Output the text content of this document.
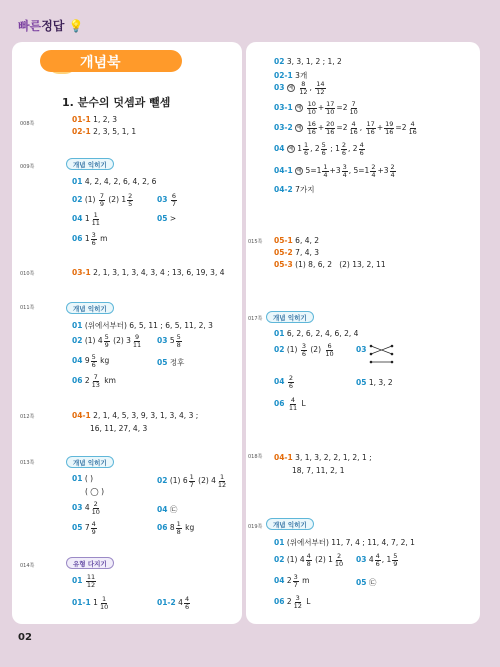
빠른정답 💡
개념북
1. 분수의 덧셈과 뺄셈
008쪽
009쪽
010쪽
011쪽
012쪽
013쪽
014쪽
01-1 1, 2, 3
02-1 2, 3, 5, 1, 1
개념 익히기
01 4, 2, 4, 2, 6, 4, 2, 6
02 $(1) \frac{7}{9} (2)$ $1 \frac{2}{5}$	$03 \frac{6}{7}$
04 $1 \frac{1}{11}$	05 >
06 $1 \frac{3}{6}$ m
03-1 2, 1, 3, 1, 3, 4, 3, 4 ; 13, 6, 19, 3, 4
개념 익히기
01 (위에서부터) 6, 5, 11 ; 6, 5, 11, 2, 3
02 (1) $4 \frac{5}{9} (2)$ $3 \frac{9}{11} 03$ $5 \frac{5}{8}$
04 $9 \frac{5}{6}$ kg	05 정후
06 $2 \frac{7}{13}$ km
04-1 2, 1, 4, 5, 3, 9, 3, 1, 3, 4, 3 ;
16, 11, 27, 4, 3
개념 익히기
01 ( )
( ◯ )
02 (1) $6 \frac{1}{7} (2)$ $4 \frac{1}{12}$
03 $4 \frac{2}{10}$	04 ㉢
05 $7 \frac{4}{9}$	06 $8 \frac{1}{8}$ kg
유형 다지기
$01 \frac{11}{12}$
01-1 $1 \frac{1}{10}$	01-2 $4 \frac{4}{6}$
02
015쪽
017쪽
018쪽
019쪽
02 3, 3, 1, 2 ; 1, 2
02-1 3개
03 예 $\frac{8}{12}$ , $\frac{14}{12}$
03-1 예 $\frac{10}{10} + \frac{17}{10} =2 \frac{7}{10}$
03-2 예 $\frac{16}{16} + \frac{20}{16} =2 \frac{4}{16}$ , $\frac{17}{16} + \frac{19}{16} =2 \frac{4}{16}$
04 예 $1 \frac{1}{6}$ , $2 \frac{5}{6}$ ; $1 \frac{2}{6}$ , $2 \frac{4}{6}$
04-1 예 $5=1 \frac{1}{4} +3 \frac{3}{4}$ , $5=1 \frac{2}{4} +3 \frac{2}{4}$
04-2 7가지
05-1 6, 4, 2
05-2 7, 4, 3
05-3 (1) 8, 6, 2 (2) 13, 2, 11
개념 익히기
01 6, 2, 6, 2, 4, 6, 2, 4
02 $(1) \frac{3}{6} (2) \frac{6}{10}$	03
$04 \frac{2}{6}$	05 1, 3, 2
$06 \frac{4}{11}$ L
04-1 3, 1, 3, 2, 2, 1, 2, 1 ;
18, 7, 11, 2, 1
개념 익히기
01 (위에서부터) 11, 7, 4 ; 11, 4, 7, 2, 1
02 (1) $4 \frac{4}{8} (2)$ $1 \frac{2}{10} 03$ $4 \frac{4}{6}$ , $1 \frac{5}{9}$
04 $2 \frac{3}{7}$ m	05 ㉢
06 $2 \frac{3}{12}$ L
